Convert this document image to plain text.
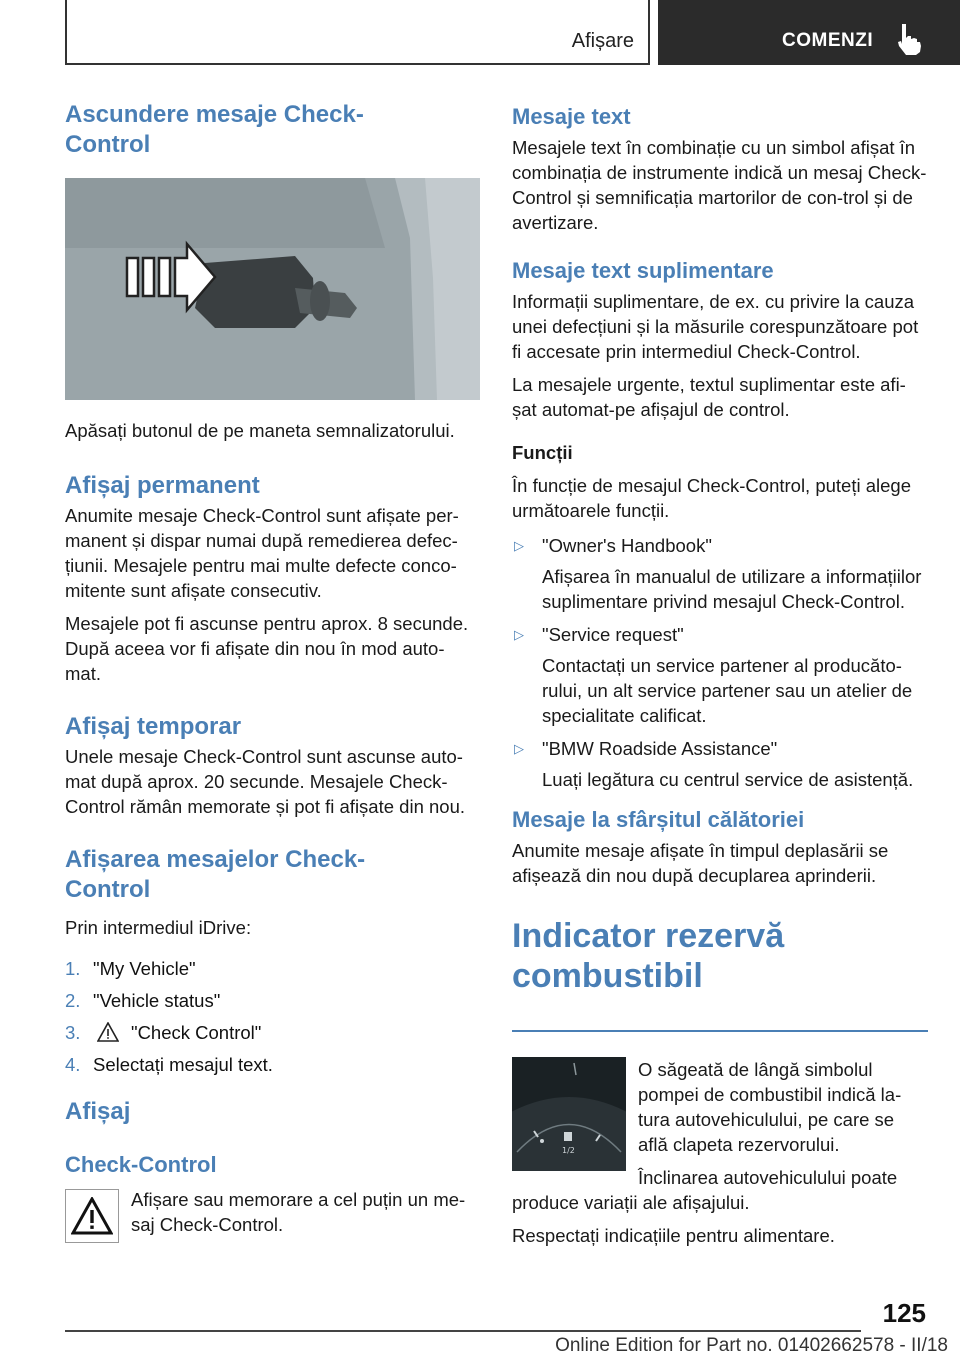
Afișare	COMENZI
Ascundere mesaje Check-Control
Apăsați butonul de pe maneta semnalizatorului.
Afișaj permanent
Anumite mesaje Check-Control sunt afișate per-manent și dispar numai după remedierea defec-țiunii. Mesajele pentru mai multe defecte conco-mitente sunt afișate consecutiv.
Mesajele pot fi ascunse pentru aprox. 8 secunde. După aceea vor fi afișate din nou în mod auto-mat.
Afișaj temporar
Unele mesaje Check-Control sunt ascunse auto-mat după aprox. 20 secunde. Mesajele Check-Control rămân memorate și pot fi afișate din nou.
Afișarea mesajelor Check-Control
Prin intermediul iDrive:
1. "My Vehicle"
2. "Vehicle status"
3.	"Check Control"
4. Selectați mesajul text.
Afișaj
Check-Control
Afișare sau memorare a cel puțin un me-saj Check-Control.
Mesaje text
Mesajele text în combinație cu un simbol afișat în combinația de instrumente indică un mesaj Check-Control și semnificația martorilor de con-trol și de avertizare.
Mesaje text suplimentare
Informații suplimentare, de ex. cu privire la cauza unei defecțiuni și la măsurile corespunzătoare pot fi accesate prin intermediul Check-Control.
La mesajele urgente, textul suplimentar este afi-șat automat-pe afișajul de control.
Funcții
În funcție de mesajul Check-Control, puteți alege următoarele funcții.
▷ "Owner's Handbook"
Afișarea în manualul de utilizare a informațiilor suplimentare privind mesajul Check-Control.
▷ "Service request"
Contactați un service partener al producăto-rului, un alt service partener sau un atelier de specialitate calificat.
▷ "BMW Roadside Assistance"
Luați legătura cu centrul service de asistență.
Mesaje la sfârșitul călătoriei
Anumite mesaje afișate în timpul deplasării se afișează din nou după decuplarea aprinderii.
Indicator rezervă combustibil
1/2
O săgeată de lângă simbolul pompei de combustibil indică la-tura autovehiculului, pe care se află clapeta rezervorului.
Înclinarea autovehiculului poate produce variații ale afișajului.
Respectați indicațiile pentru alimentare.
125
Online Edition for Part no. 01402662578 - II/18
